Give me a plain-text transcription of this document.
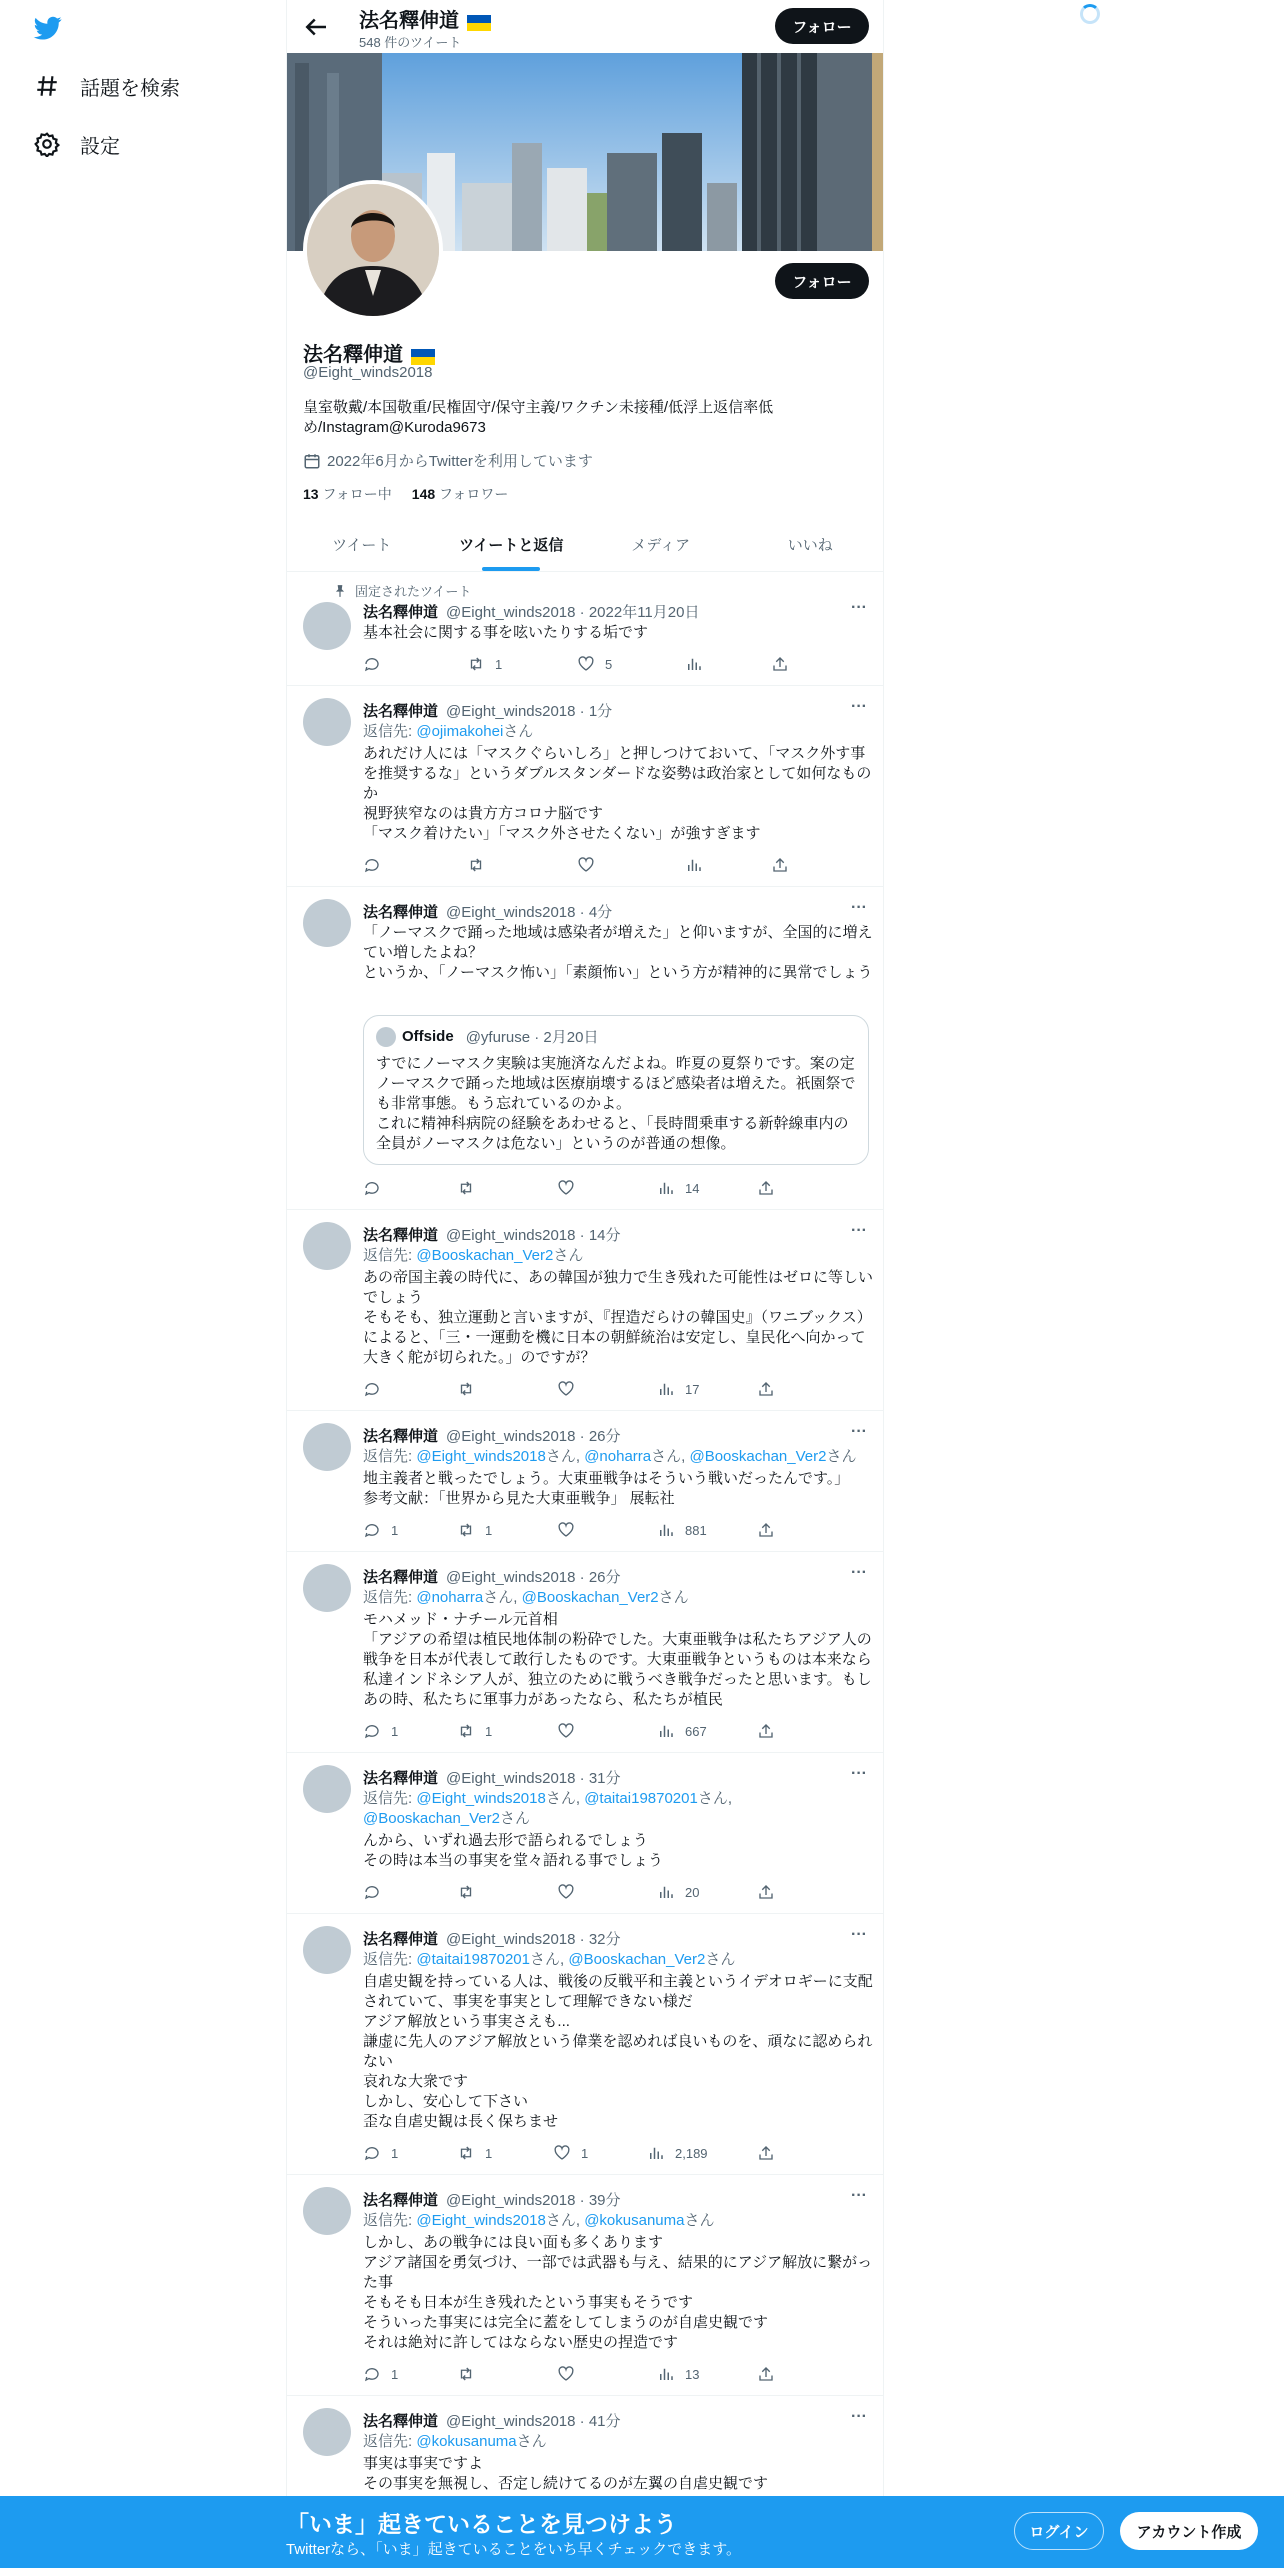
話題を検索
設定
法名釋伸道
548 件のツイート
フォロー
フォロー
法名釋伸道
@Eight_winds2018
皇室敬戴/本国敬重/民権固守/保守主義/ワクチン未接種/低浮上返信率低め/Instagram@Kuroda9673
2022年6月からTwitterを利用しています
13 フォロー中 148 フォロワー
ツイート	ツイートと返信	メディア	いいね
固定されたツイート
法名釋伸道 @Eight_winds2018 · 2022年11月20日	···
基本社会に関する事を呟いたりする垢です
1	5
法名釋伸道 @Eight_winds2018 · 1分	···
返信先: @ojimakoheiさん
あれだけ人には「マスクぐらいしろ」と押しつけておいて、「マスク外す事を推奨するな」というダブルスタンダードな姿勢は政治家として如何なものか
視野狭窄なのは貴方方コロナ脳です
「マスク着けたい」「マスク外させたくない」が強すぎます
法名釋伸道 @Eight_winds2018 · 4分	···
「ノーマスクで踊った地域は感染者が増えた」と仰いますが、全国的に増えてい増したよね？
というか、「ノーマスク怖い」「素顔怖い」という方が精神的に異常でしょう
Offside @yfuruse · 2月20日
すでにノーマスク実験は実施済なんだよね。昨夏の夏祭りです。案の定ノーマスクで踊った地域は医療崩壊するほど感染者は増えた。祇園祭でも非常事態。もう忘れているのかよ。
これに精神科病院の経験をあわせると、「長時間乗車する新幹線車内の全員がノーマスクは危ない」というのが普通の想像。
14
法名釋伸道 @Eight_winds2018 · 14分	···
返信先: @Booskachan_Ver2さん
あの帝国主義の時代に、あの韓国が独力で生き残れた可能性はゼロに等しいでしょう
そもそも、独立運動と言いますが、『捏造だらけの韓国史』（ワニブックス）によると、「三・一運動を機に日本の朝鮮統治は安定し、皇民化へ向かって大きく舵が切られた。」のですが？
17
法名釋伸道 @Eight_winds2018 · 26分	···
返信先: @Eight_winds2018さん, @noharraさん, @Booskachan_Ver2さん
地主義者と戦ったでしょう。大東亜戦争はそういう戦いだったんです。」
参考文献：「世界から見た大東亜戦争」 展転社
1	1	881
法名釋伸道 @Eight_winds2018 · 26分	···
返信先: @noharraさん, @Booskachan_Ver2さん
モハメッド・ナチール元首相
「アジアの希望は植民地体制の粉砕でした。大東亜戦争は私たちアジア人の戦争を日本が代表して敢行したものです。大東亜戦争というものは本来なら私達インドネシア人が、独立のために戦うべき戦争だったと思います。もしあの時、私たちに軍事力があったなら、私たちが植民
1	1	667
法名釋伸道 @Eight_winds2018 · 31分	···
返信先: @Eight_winds2018さん, @taitai19870201さん, @Booskachan_Ver2さん
んから、いずれ過去形で語られるでしょう
その時は本当の事実を堂々語れる事でしょう
20
法名釋伸道 @Eight_winds2018 · 32分	···
返信先: @taitai19870201さん, @Booskachan_Ver2さん
自虐史観を持っている人は、戦後の反戦平和主義というイデオロギーに支配されていて、事実を事実として理解できない様だ
アジア解放という事実さえも...
謙虚に先人のアジア解放という偉業を認めれば良いものを、頑なに認められない
哀れな大衆です
しかし、安心して下さい
歪な自虐史観は長く保ちませ
1	1	1	2,189
法名釋伸道 @Eight_winds2018 · 39分	···
返信先: @Eight_winds2018さん, @kokusanumaさん
しかし、あの戦争には良い面も多くあります
アジア諸国を勇気づけ、一部では武器も与え、結果的にアジア解放に繋がった事
そもそも日本が生き残れたという事実もそうです
そういった事実には完全に蓋をしてしまうのが自虐史観です
それは絶対に許してはならない歴史の捏造です
1	13
法名釋伸道 @Eight_winds2018 · 41分	···
返信先: @kokusanumaさん
事実は事実ですよ
その事実を無視し、否定し続けてるのが左翼の自虐史観です
「いま」起きていることを見つけよう
Twitterなら、「いま」起きていることをいち早くチェックできます。
ログイン	アカウント作成
